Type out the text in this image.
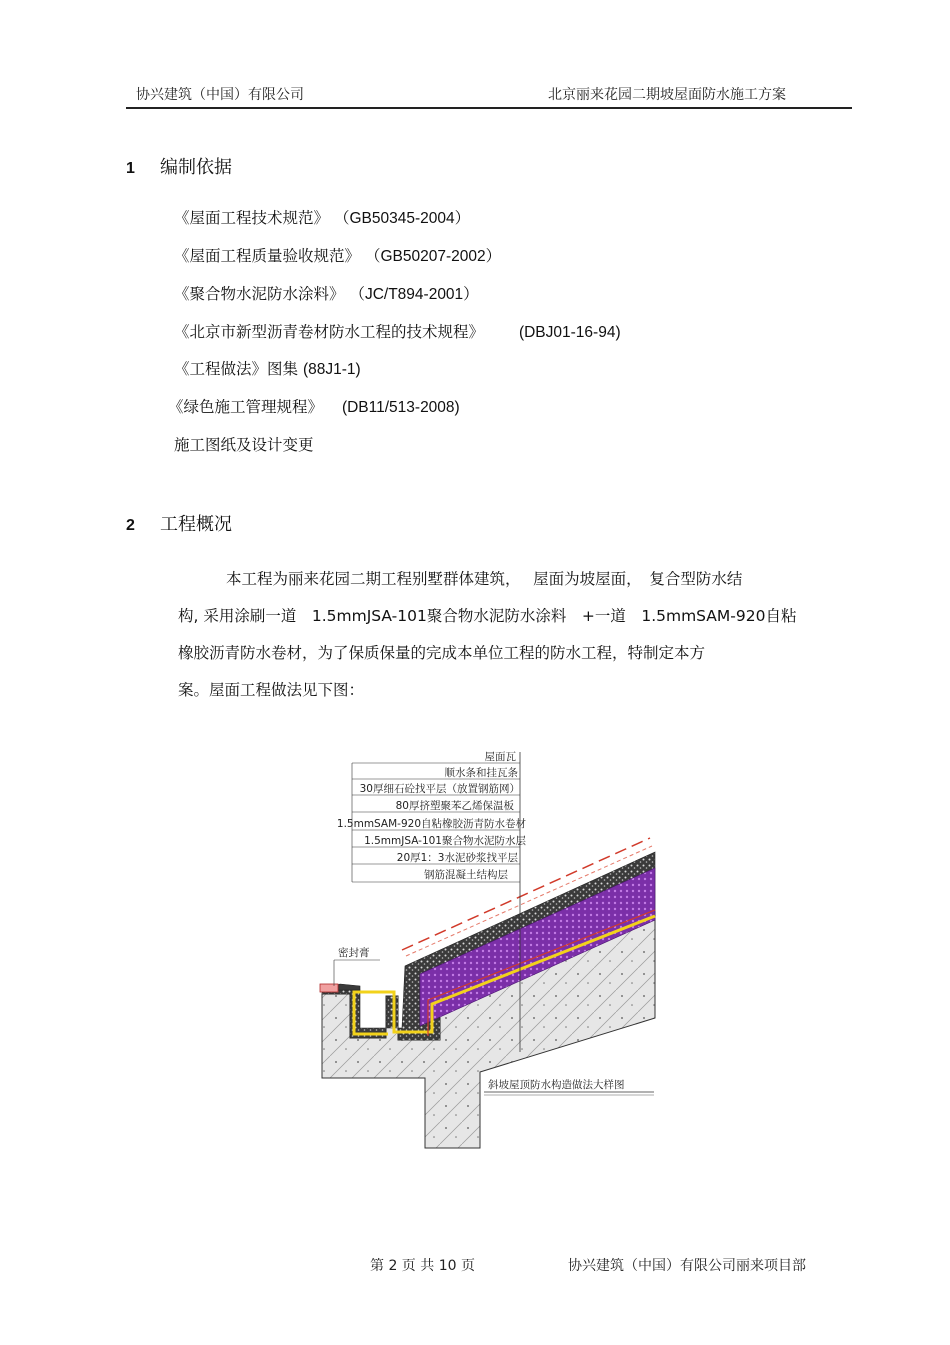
协兴建筑（中国）有限公司	北京丽来花园二期坡屋面防水施工方案
1 编制依据
《屋面工程技术规范》 （GB50345-2004）
《屋面工程质量验收规范》 （GB50207-2002）
《聚合物水泥防水涂料》 （JC/T894-2001）
《北京市新型沥青卷材防水工程的技术规程》 (DBJ01-16-94)
《工程做法》图集 (88J1-1)
《绿色施工管理规程》 (DB11/513-2008)
施工图纸及设计变更
2 工程概况
本工程为丽来花园二期工程别墅群体建筑，　 屋面为坡屋面，　复合型防水结
构, 采用涂刷一道　1.5mmJSA-101聚合物水泥防水涂料　+一道　1.5mmSAM-920自粘
橡胶沥青防水卷材，为了保质保量的完成本单位工程的防水工程，特制定本方
案。屋面工程做法见下图：
屋面瓦
顺水条和挂瓦条
30厚细石砼找平层（放置钢筋网）
80厚挤塑聚苯乙烯保温板
1.5mmSAM-920自粘橡胶沥青防水卷材
1.5mmJSA-101聚合物水泥防水层
20厚1：3水泥砂浆找平层
钢筋混凝土结构层
密封膏
斜坡屋顶防水构造做法大样图
第 2 页 共 10 页	协兴建筑（中国）有限公司丽来项目部
